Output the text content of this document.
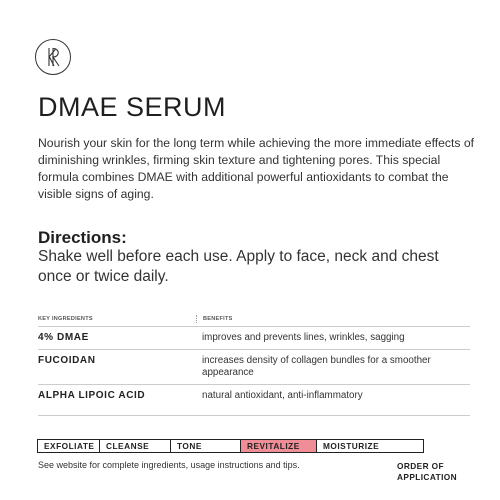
DMAE SERUM

Nourish your skin for the long term while achieving the more immediate effects of diminishing wrinkles, firming skin texture and tightening pores. This special formula combines DMAE with additional powerful antioxidants to combat the visible signs of aging.

Directions:

Shake well before each use. Apply to face, neck and chest once or twice daily.

KEY INGREDIENTS	BENEFITS
4% DMAE	improves and prevents lines, wrinkles, sagging
FUCOIDAN	increases density of collagen bundles for a smoother appearance
ALPHA LIPOIC ACID	natural antioxidant, anti-inflammatory
EXFOLIATE	CLEANSE	TONE	REVITALIZE	MOISTURIZE

See website for complete ingredients, usage instructions and tips.	ORDER OF APPLICATION
